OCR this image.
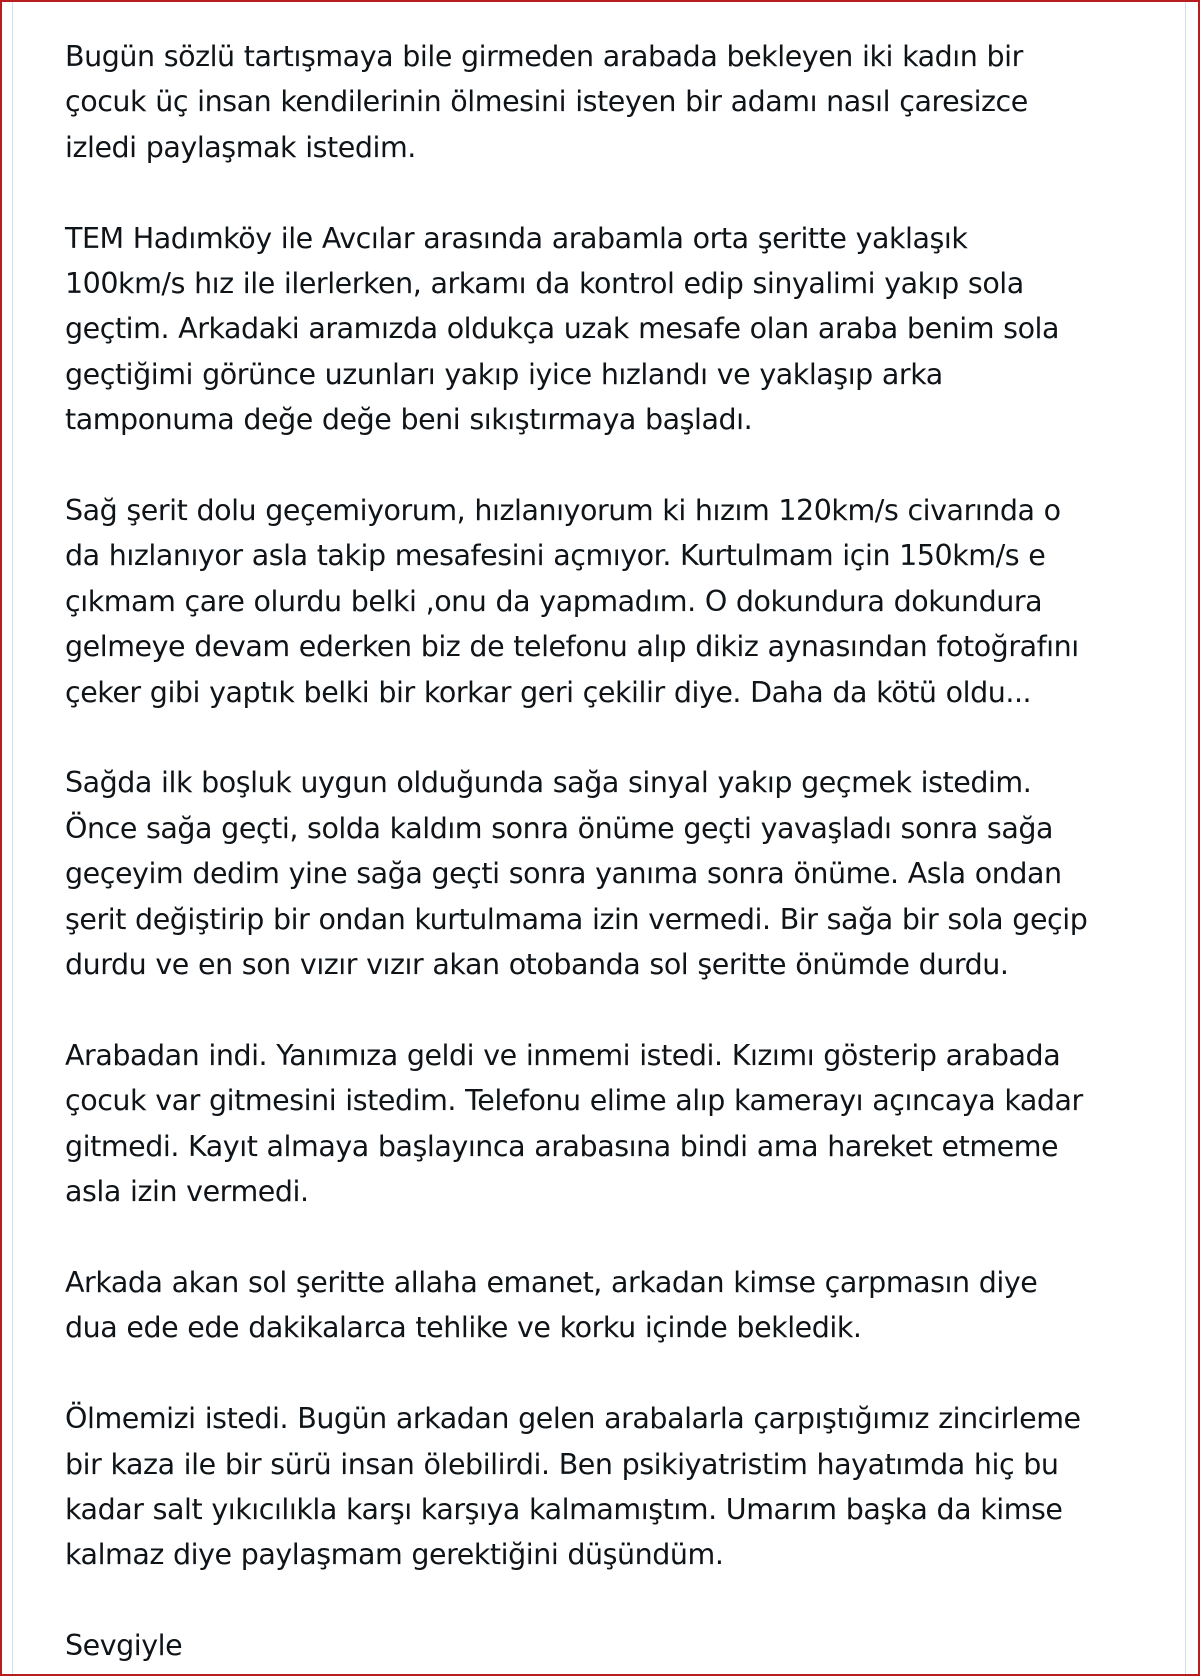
Bugün sözlü tartışmaya bile girmeden arabada bekleyen iki kadın bir
çocuk üç insan kendilerinin ölmesini isteyen bir adamı nasıl çaresizce
izledi paylaşmak istedim.

TEM Hadımköy ile Avcılar arasında arabamla orta şeritte yaklaşık
100km/s hız ile ilerlerken, arkamı da kontrol edip sinyalimi yakıp sola
geçtim. Arkadaki aramızda oldukça uzak mesafe olan araba benim sola
geçtiğimi görünce uzunları yakıp iyice hızlandı ve yaklaşıp arka
tamponuma değe değe beni sıkıştırmaya başladı.

Sağ şerit dolu geçemiyorum, hızlanıyorum ki hızım 120km/s civarında o
da hızlanıyor asla takip mesafesini açmıyor. Kurtulmam için 150km/s e
çıkmam çare olurdu belki ,onu da yapmadım. O dokundura dokundura
gelmeye devam ederken biz de telefonu alıp dikiz aynasından fotoğrafını
çeker gibi yaptık belki bir korkar geri çekilir diye. Daha da kötü oldu...

Sağda ilk boşluk uygun olduğunda sağa sinyal yakıp geçmek istedim.
Önce sağa geçti, solda kaldım sonra önüme geçti yavaşladı sonra sağa
geçeyim dedim yine sağa geçti sonra yanıma sonra önüme. Asla ondan
şerit değiştirip bir ondan kurtulmama izin vermedi. Bir sağa bir sola geçip
durdu ve en son vızır vızır akan otobanda sol şeritte önümde durdu.

Arabadan indi. Yanımıza geldi ve inmemi istedi. Kızımı gösterip arabada
çocuk var gitmesini istedim. Telefonu elime alıp kamerayı açıncaya kadar
gitmedi. Kayıt almaya başlayınca arabasına bindi ama hareket etmeme
asla izin vermedi.

Arkada akan sol şeritte allaha emanet, arkadan kimse çarpmasın diye
dua ede ede dakikalarca tehlike ve korku içinde bekledik.

Ölmemizi istedi. Bugün arkadan gelen arabalarla çarpıştığımız zincirleme
bir kaza ile bir sürü insan ölebilirdi. Ben psikiyatristim hayatımda hiç bu
kadar salt yıkıcılıkla karşı karşıya kalmamıştım. Umarım başka da kimse
kalmaz diye paylaşmam gerektiğini düşündüm.

Sevgiyle
